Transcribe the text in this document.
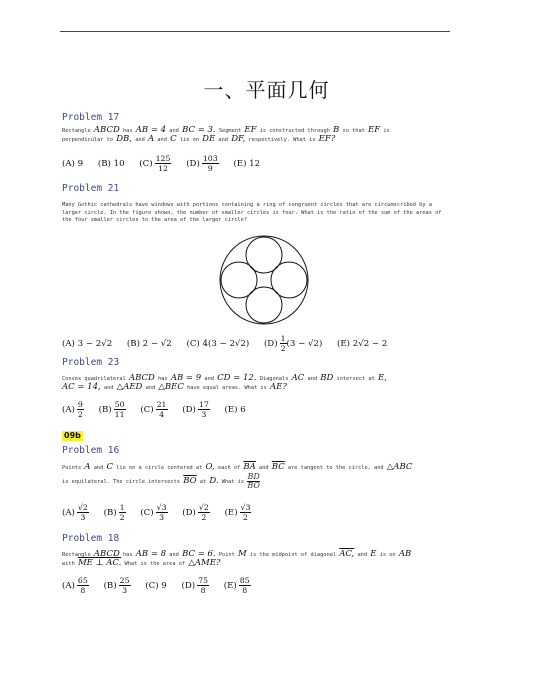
一、平面几何
Problem 17
Rectangle ABCD has AB = 4 and BC = 3. Segment EF is constructed through B so that EF is
perpendicular to DB, and A and C lie on DE and DF, respectively. What is EF?
(A) 9 (B) 10 $(C) \frac{125}{12} (D) \frac{103}{9} (E)$ 12
Problem 21
Many Gothic cathedrals have windows with portions containing a ring of congruent circles that are circumscribed by a larger circle. In the figure shown, the number of smaller circles is four. What is the ratio of the sum of the areas of the four smaller circles to the area of the larger circle?
(A) 3 − 2√2 (B) 2 − √2 (C) 4(3 − 2√2) $(D) \frac{1}{2} (3 - √2)$ (E) 2√2 − 2
Problem 23
Convex quadrilateral ABCD has AB = 9 and CD = 12. Diagonals AC and BD intersect at E,
AC = 14, and △AED and △BEC have equal areas. What is AE?
$(A) \frac{9}{2} (B) \frac{50}{11} (C) \frac{21}{4} (D) \frac{17}{3} (E)$ 6
09b
Problem 16
Points A and C lie on a circle centered at O, each of $\overline{BA}$ and $\overline{BC}$ are tangent to the circle, and △ABC
is equilateral. The circle intersects $\overline{BO}$ at D. What is $\frac{BD}{BO}$
$(A) \frac{√2}{3} (B) \frac{1}{2} (C) \frac{√3}{3} (D) \frac{√2}{2} (E) \frac{√3}{2}$
Problem 18
Rectangle ABCD has AB = 8 and BC = 6. Point M is the midpoint of diagonal AC, and E is on AB
with ME ⊥ AC. What is the area of △AME?
$(A) \frac{65}{8} (B) \frac{25}{3} (C)$ 9 $(D) \frac{75}{8} (E) \frac{85}{8}$
